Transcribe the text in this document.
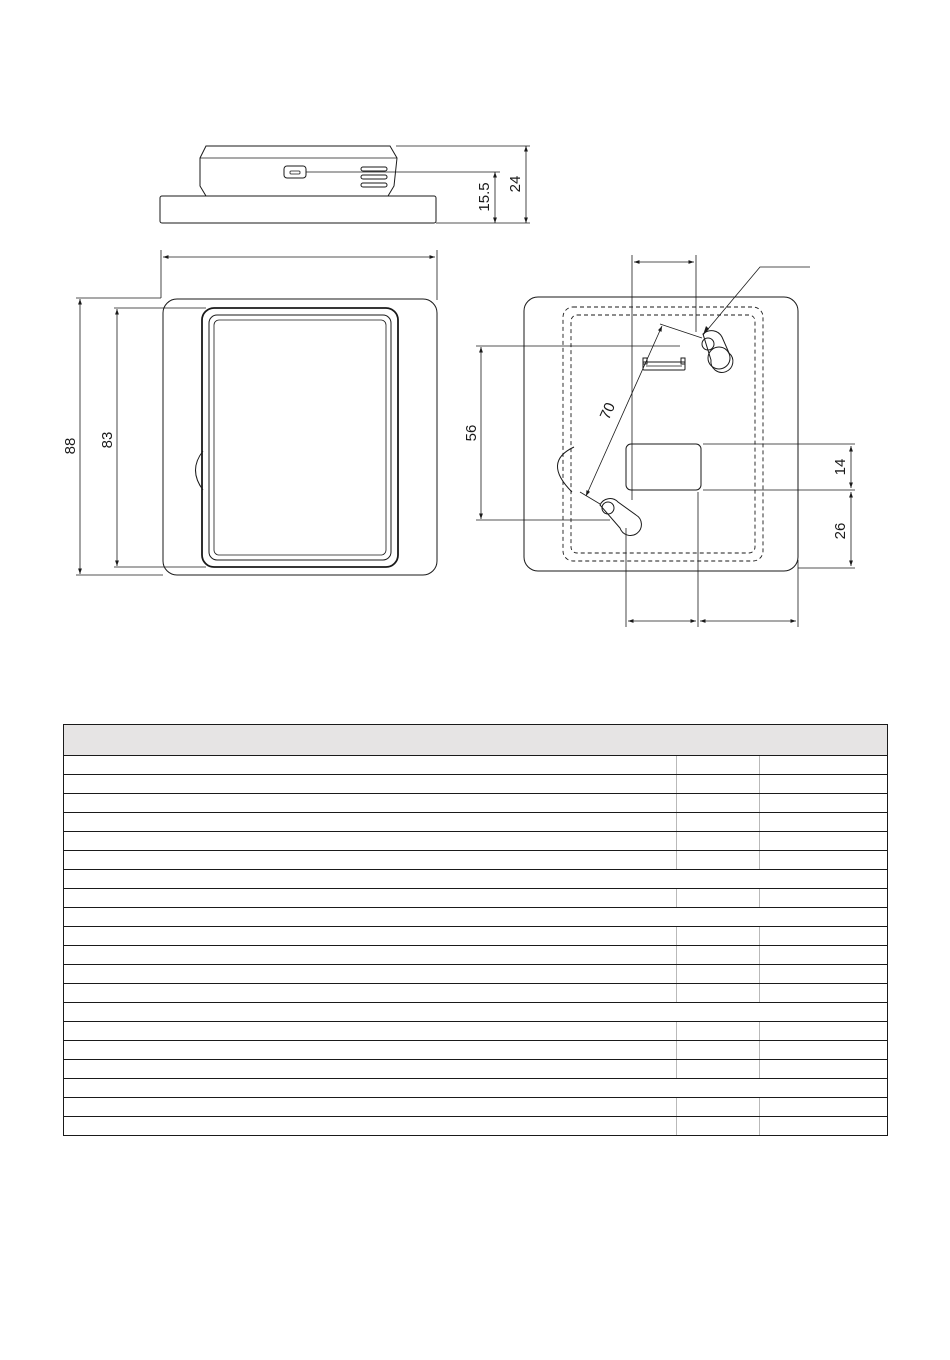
15.5 24
88 83	56
70
14
26
